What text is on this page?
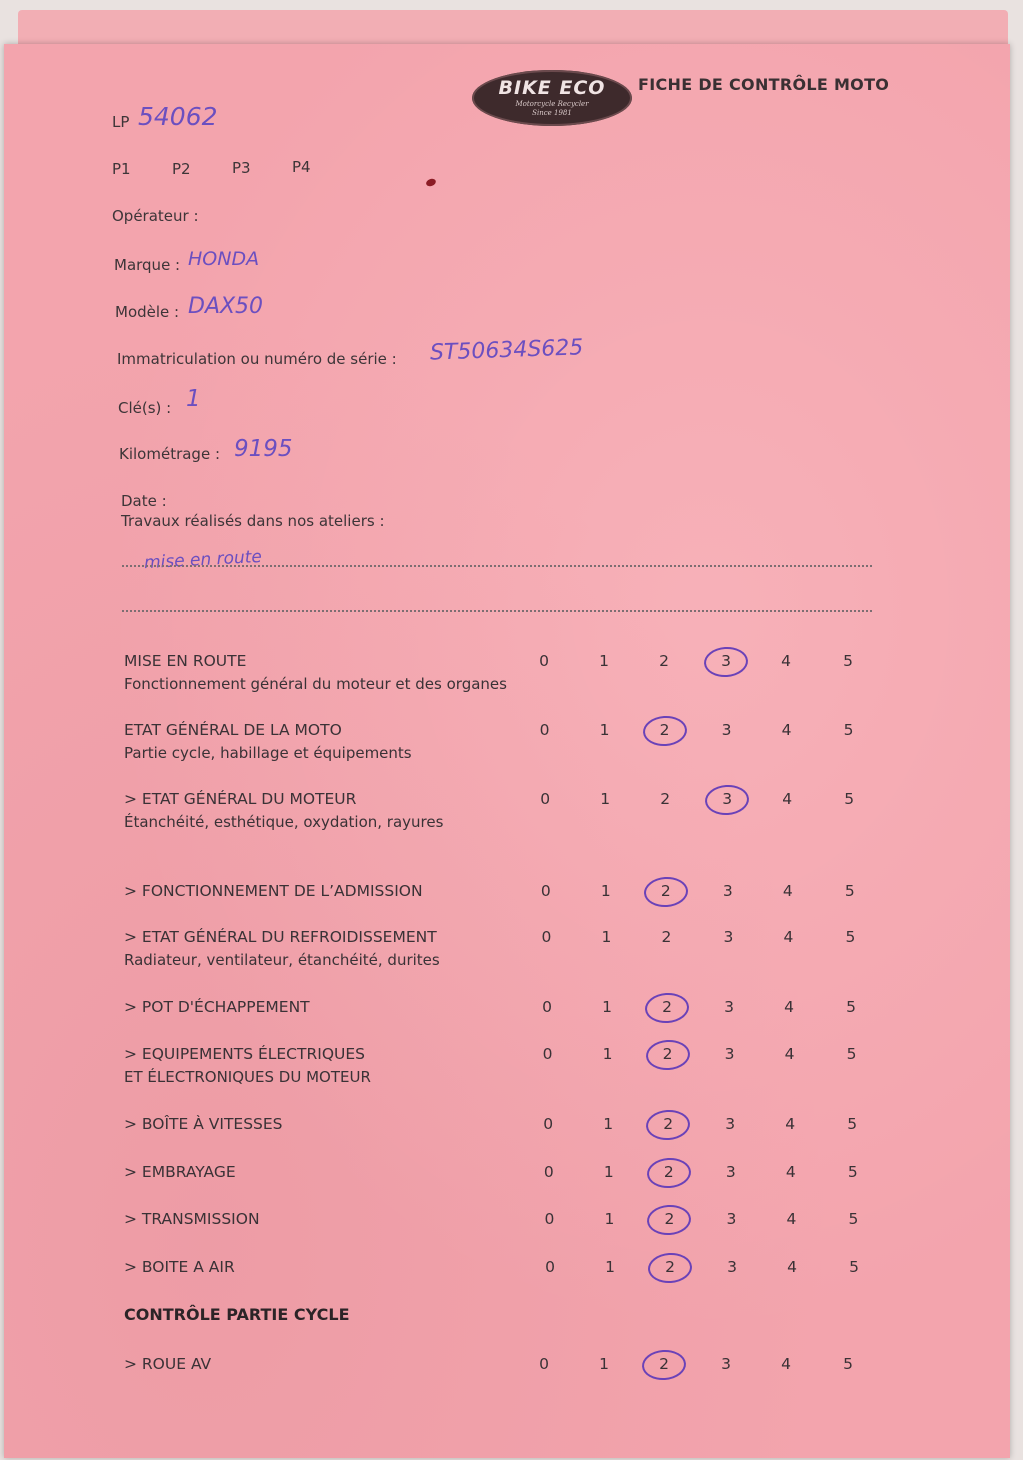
BIKE ECO
Motorcycle Recycler
Since 1981
FICHE DE CONTRÔLE MOTO
LP 54062
P1	P2	P3	P4
Opérateur :
Marque : HONDA
Modèle : DAX50
Immatriculation ou numéro de série : ST50634S625
Clé(s) : 1
Kilométrage : 9195
Date :
Travaux réalisés dans nos ateliers :
mise en route
MISE EN ROUTE
Fonctionnement général du moteur et des organes
0	1	2	3	4	5
ETAT GÉNÉRAL DE LA MOTO
Partie cycle, habillage et équipements
0	1	2	3	4	5
> ETAT GÉNÉRAL DU MOTEUR
Étanchéité, esthétique, oxydation, rayures
0	1	2	3	4	5
> FONCTIONNEMENT DE L’ADMISSION	0	1	2	3	4	5
> ETAT GÉNÉRAL DU REFROIDISSEMENT
Radiateur, ventilateur, étanchéité, durites
0	1	2	3	4	5
> POT D'ÉCHAPPEMENT	0	1	2	3	4	5
> EQUIPEMENTS ÉLECTRIQUES
ET ÉLECTRONIQUES DU MOTEUR
0	1	2	3	4	5
> BOÎTE À VITESSES	0	1	2	3	4	5
> EMBRAYAGE	0	1	2	3	4	5
> TRANSMISSION	0	1	2	3	4	5
> BOITE A AIR	0	1	2	3	4	5
CONTRÔLE PARTIE CYCLE
> ROUE AV	0	1	2	3	4	5
